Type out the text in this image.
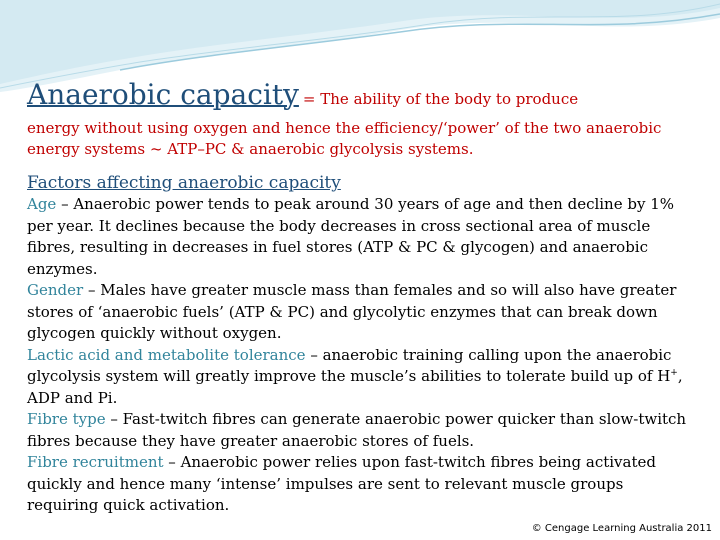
Anaerobic capacity = The ability of the body to produce
energy without using oxygen and hence the efficiency/‘power’ of the two anaerobic energy systems ~ ATP–PC & anaerobic glycolysis systems.
Factors affecting anaerobic capacity
Age – Anaerobic power tends to peak around 30 years of age and then decline by 1% per year. It declines because the body decreases in cross sectional area of muscle fibres, resulting in decreases in fuel stores (ATP & PC & glycogen) and anaerobic enzymes.
Gender – Males have greater muscle mass than females and so will also have greater stores of ‘anaerobic fuels’ (ATP & PC) and glycolytic enzymes that can break down glycogen quickly without oxygen.
Lactic acid and metabolite tolerance – anaerobic training calling upon the anaerobic glycolysis system will greatly improve the muscle’s abilities to tolerate build up of H+, ADP and Pi.
Fibre type – Fast-twitch fibres can generate anaerobic power quicker than slow-twitch fibres because they have greater anaerobic stores of fuels.
Fibre recruitment – Anaerobic power relies upon fast-twitch fibres being activated quickly and hence many ‘intense’ impulses are sent to relevant muscle groups requiring quick activation.
© Cengage Learning Australia 2011
